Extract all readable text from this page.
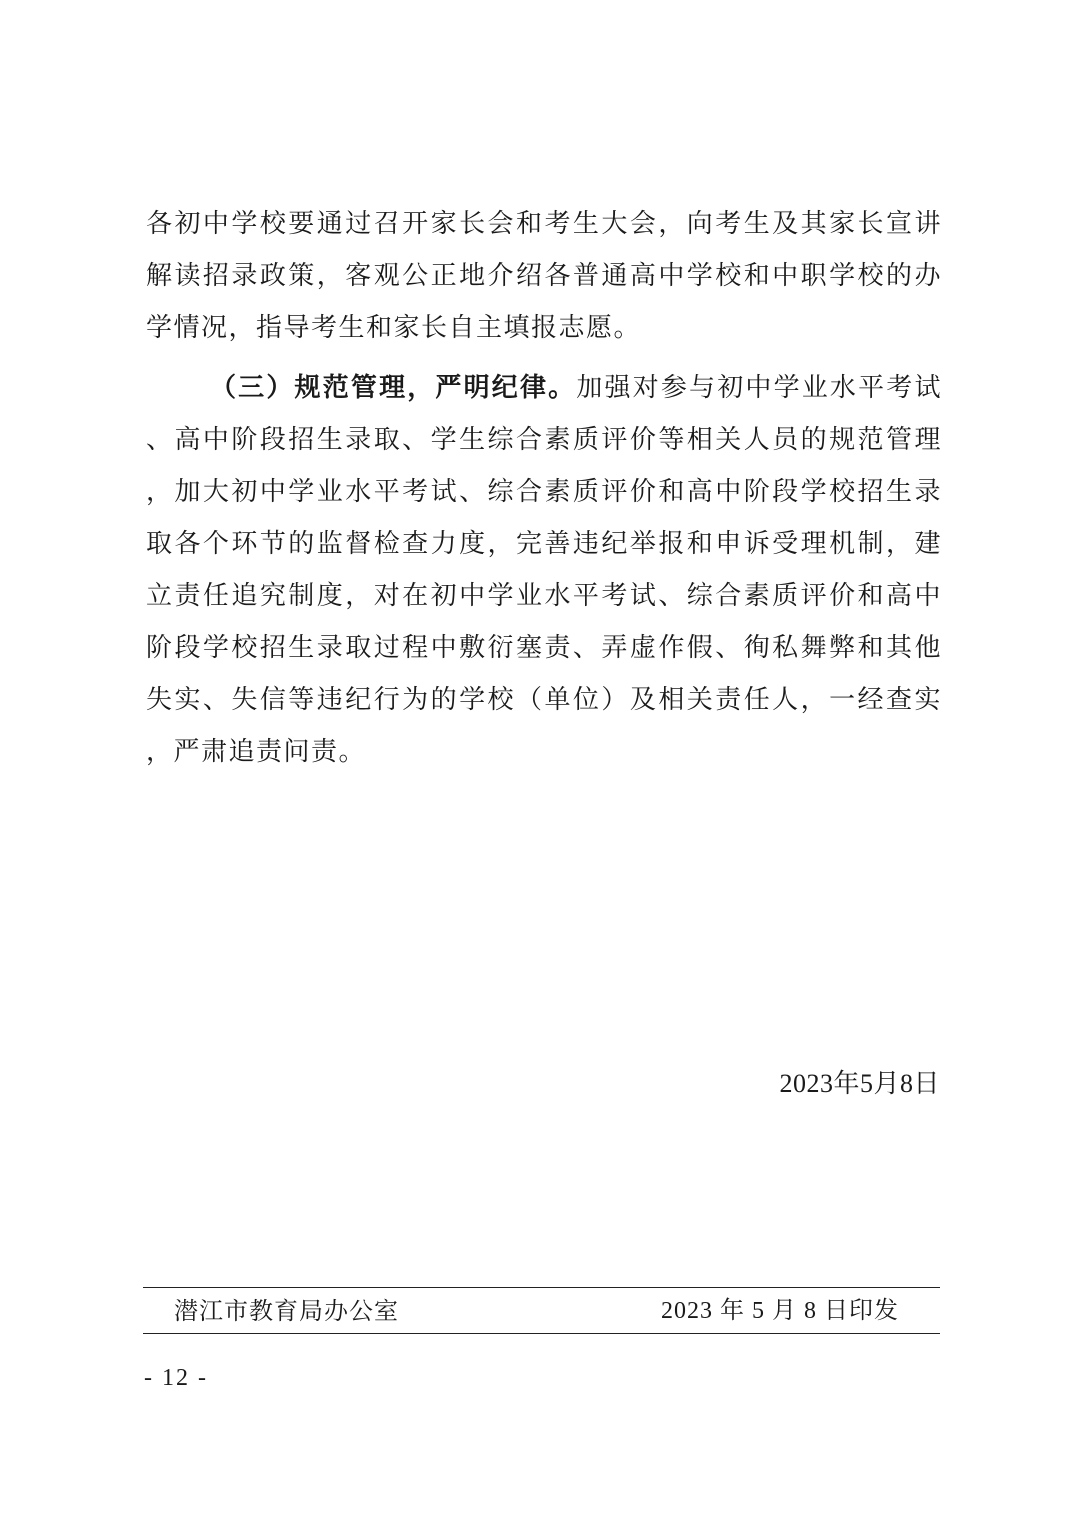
各初中学校要通过召开家长会和考生大会，向考生及其家长宣讲
解读招录政策，客观公正地介绍各普通高中学校和中职学校的办
学情况，指导考生和家长自主填报志愿。
（三）规范管理，严明纪律。加强对参与初中学业水平考试
、高中阶段招生录取、学生综合素质评价等相关人员的规范管理
，加大初中学业水平考试、综合素质评价和高中阶段学校招生录
取各个环节的监督检查力度，完善违纪举报和申诉受理机制，建
立责任追究制度，对在初中学业水平考试、综合素质评价和高中
阶段学校招生录取过程中敷衍塞责、弄虚作假、徇私舞弊和其他
失实、失信等违纪行为的学校（单位）及相关责任人，一经查实
，严肃追责问责。
2023年5月8日
潜江市教育局办公室	2023 年 5 月 8 日印发
- 12 -
